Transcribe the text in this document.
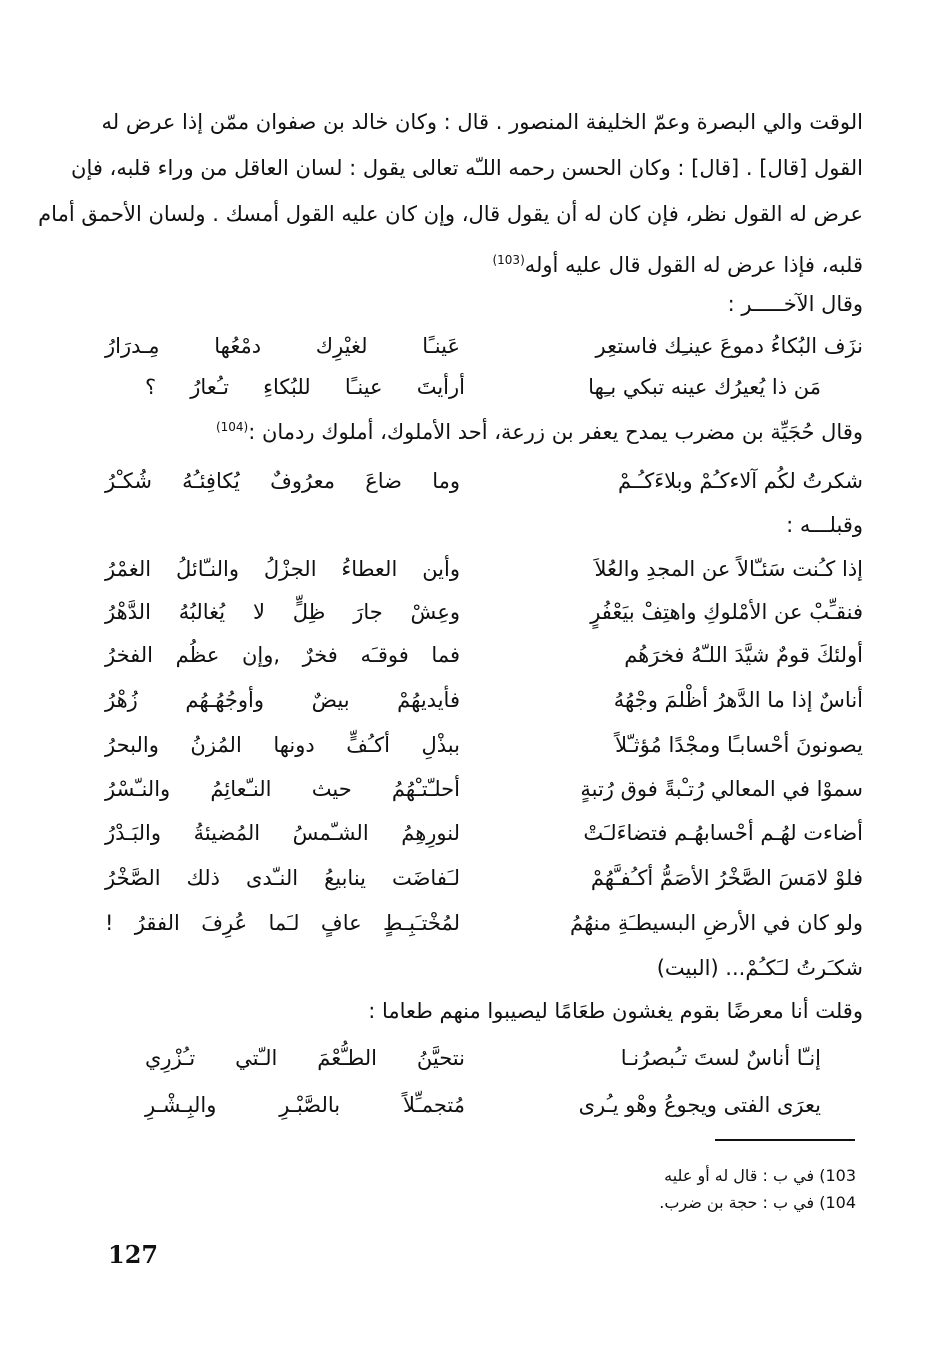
الوقت والي البصرة وعمّ الخليفة المنصور . قال : وكان خالد بن صفوان ممّن إذا عرض له
القول [قال] . [قال] : وكان الحسن رحمه اللـّه تعالى يقول : لسان العاقل من وراء قلبه، فإن
عرض له القول نظر، فإن كان له أن يقول قال، وإن كان عليه القول أمسك . ولسان الأحمق أمام
قلبه، فإذا عرض له القول قال عليه أوله$^{(103)}$
وقال الآخـــــر :
نزَف البُكاءُ دموعَ عينـِك فاستعِر
عَينـًا لغيْرِك دمْعُها مِـدرَارُ
مَن ذا يُعيرُك عينه تبكي بـِها
أرأيتَ عينـًا للبُكاءِ تـُعارُ ؟
وقال حُجَيِّة بن مضرب يمدح يعفر بن زرعة، أحد الأملوك، أملوك ردمان :$^{(104)}$
شكرتُ لكُم آلاءكـُمْ وبلاءَكـُـمْ
وما ضاعَ معرُوفٌ يُكافِئـُهُ شُكـْرُ
وقبلـــه :
إذا كـُنت سَئـّالاً عن المجدِ والعُلاَ
وأين العطاءُ الجزْلُ والنـّائلُ الغمْرُ
فنقـِّبْ عن الأمْلوكِ واهتِفْ بيَعْفُرٍ
وعِشْ جارَ ظِلٍّ لا يُغالبُهُ الدَّهْرُ
أولئكَ قومٌ شيَّدَ اللـّهُ فخرَهُم
فما فوقـَه فخرٌ ,وإن عظُم الفخرُ
أناسٌ إذا ما الدَّهرُ أظْلمَ وجْهُهُ
فأيديهُمْ بيضٌ وأوجُهُـهُم زُهْرُ
يصونونَ أحْسابـًا ومجْدًا مُؤثـّلاً
ببذْلِ أكـُفٍّ دونها المُزنُ والبحرُ
سموْا في المعالي رُتـْبةً فوق رُتبةٍ
أحلـّتـْهُمُ حيث النـّعائِمُ والنـّسْرُ
أضاءت لهُـم أحْسابهُـم فتضاءَلـَتْ
لنورِهِمُ الشـّمسُ المُضيئةُ والبَـدْرُ
فلوْ لامَسَ الصَّخْرُ الأصَمُّ أكـُفـَّهُمْ
لـَفاضَت ينابيعُ النـّدى ذلك الصَّخْرُ
ولو كان في الأرضِ البسيطـَةِ منهُمُ
لمُخْتـَبِـطٍ عافٍ لـَما عُرِفَ الفقرُ !
شكـَرتُ لـَكـُمْ... (البيت)
وقلت أنا معرضًا بقوم يغشون طعَامًا ليصيبوا منهم طعاما :
إنـّا أناسٌ لستَ تـُبصرُنـا
نتحيَّنُ الطـُّعْمَ الـّتي تـُزْرِي
يعرَى الفتى ويجوعُ وهْو يـُرى
مُتجمـِّلاً بالصَّبْـرِ والبِـشْـرِ
103) في ب : قال له أو عليه
104) في ب : حجة بن ضرب.
127
